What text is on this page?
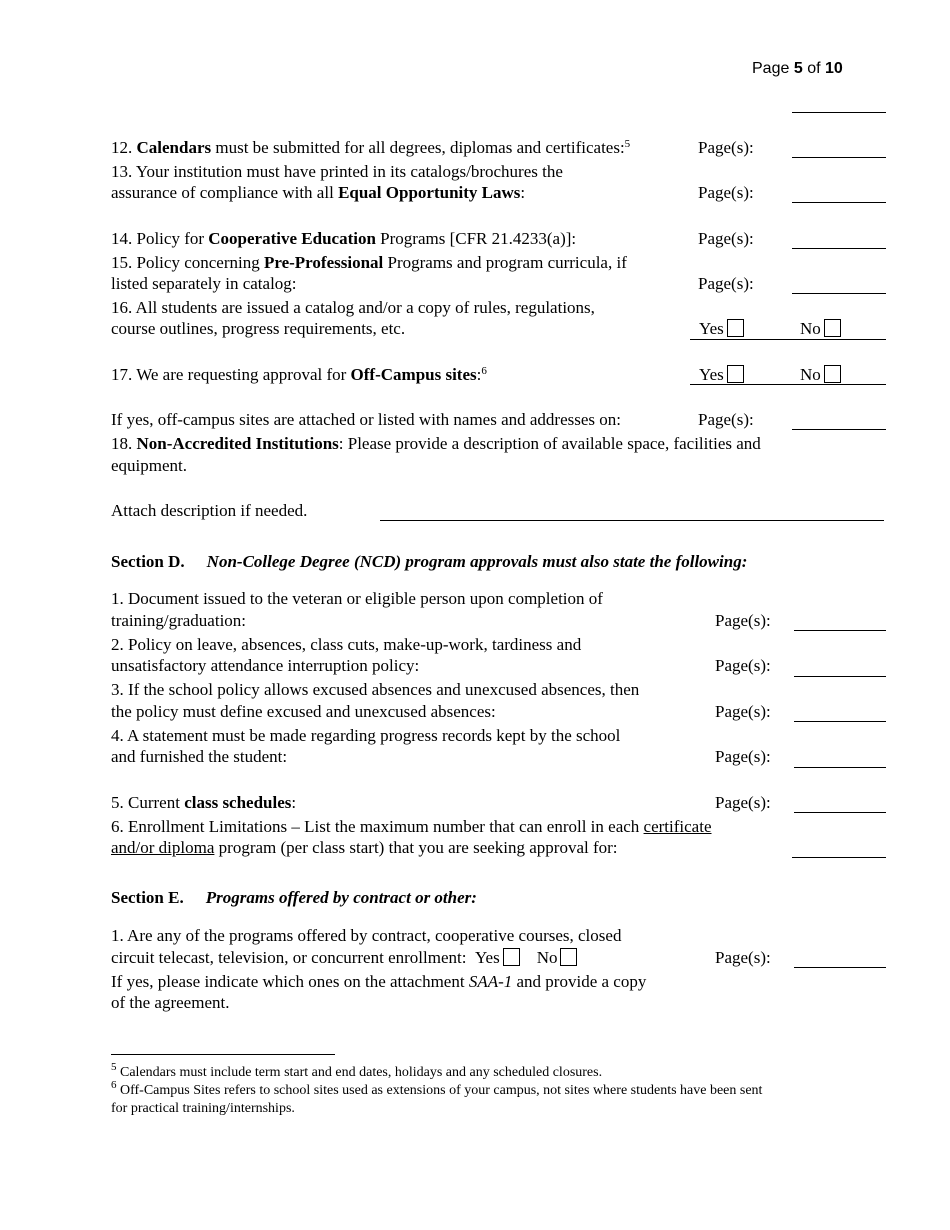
Page 5 of 10
12. Calendars must be submitted for all degrees, diplomas and certificates:$^5$	Page(s):
13. Your institution must have printed in its catalogs/brochures the
assurance of compliance with all Equal Opportunity Laws:	Page(s):
14. Policy for Cooperative Education Programs [CFR 21.4233(a)]:	Page(s):
15. Policy concerning Pre-Professional Programs and program curricula, if
listed separately in catalog:	Page(s):
16. All students are issued a catalog and/or a copy of rules, regulations,
course outlines, progress requirements, etc.	Yes	No
17. We are requesting approval for Off-Campus sites:$^6$	Yes	No
If yes, off-campus sites are attached or listed with names and addresses on:	Page(s):
18. Non-Accredited Institutions: Please provide a description of available space, facilities and
equipment.
Attach description if needed.
Section D. Non-College Degree (NCD) program approvals must also state the following:
1. Document issued to the veteran or eligible person upon completion of
training/graduation:	Page(s):
2. Policy on leave, absences, class cuts, make-up-work, tardiness and
unsatisfactory attendance interruption policy:	Page(s):
3. If the school policy allows excused absences and unexcused absences, then
the policy must define excused and unexcused absences:	Page(s):
4. A statement must be made regarding progress records kept by the school
and furnished the student:	Page(s):
5. Current class schedules:	Page(s):
6. Enrollment Limitations – List the maximum number that can enroll in each certificate
and/or diploma program (per class start) that you are seeking approval for:
Section E. Programs offered by contract or other:
1. Are any of the programs offered by contract, cooperative courses, closed
circuit telecast, television, or concurrent enrollment: Yes No	Page(s):
If yes, please indicate which ones on the attachment SAA-1 and provide a copy
of the agreement.
$^5$ Calendars must include term start and end dates, holidays and any scheduled closures.
$^6$ Off-Campus Sites refers to school sites used as extensions of your campus, not sites where students have been sent
for practical training/internships.
